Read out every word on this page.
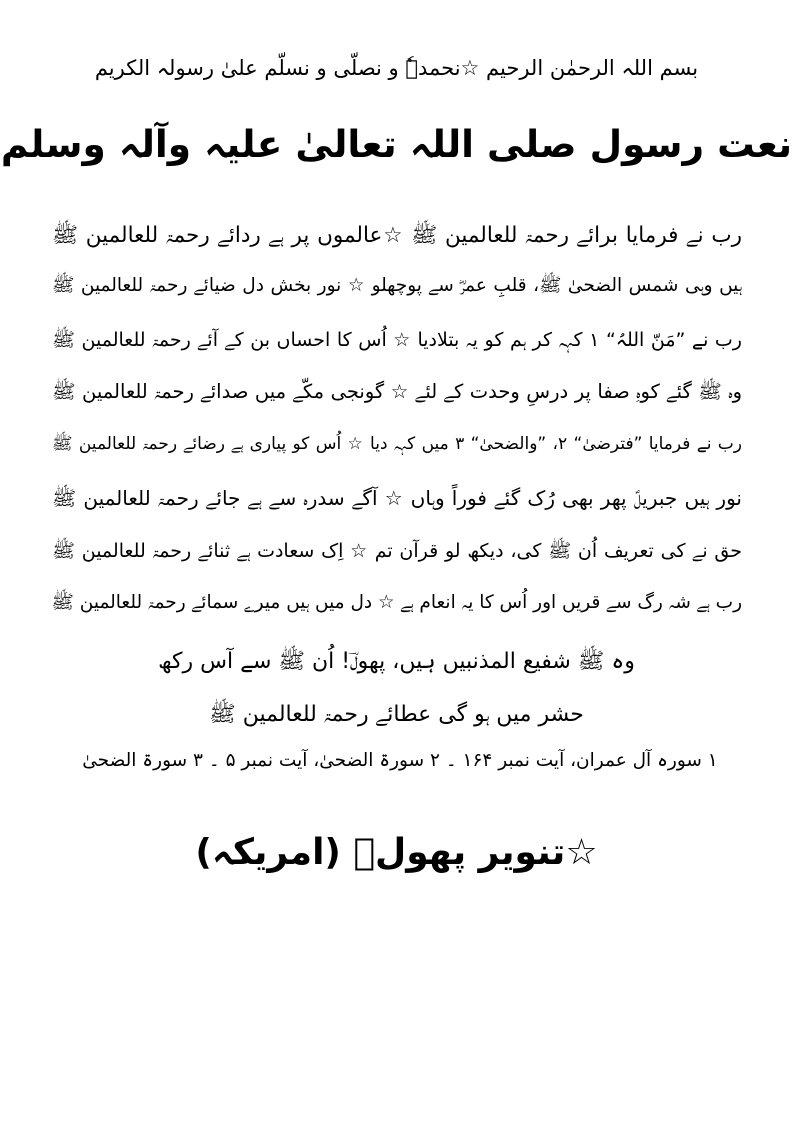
بسم اللہ الرحمٰن الرحیم ☆نحمدہٗ و نصلّی و نسلّم علیٰ رسولہ الکریم
نعت رسول صلی اللہ تعالیٰ علیہ وآلہ وسلم
رب نے فرمایا برائے رحمۃ للعالمین ﷺ ☆عالموں پر ہے ردائے رحمۃ للعالمین ﷺ
ہیں وہی شمس الضحیٰ ﷺ، قلبِ عمرؓ سے پوچھلو ☆ نور بخش دل ضیائے رحمۃ للعالمین ﷺ
رب نے ”مَنّ اللہُ“ ۱ کہہ کر ہم کو یہ بتلادیا ☆ اُس کا احساں بن کے آئے رحمۃ للعالمین ﷺ
وہ ﷺ گئے کوہِ صفا پر درسِ وحدت کے لئے ☆ گونجی مکّے میں صدائے رحمۃ للعالمین ﷺ
رب نے فرمایا ”فترضیٰ“ ۲، ”والضحیٰ“ ۳ میں کہہ دیا ☆ اُس کو پیاری ہے رضائے رحمۃ للعالمین ﷺ
نور ہیں جبریلؑ پھر بھی رُک گئے فوراً وہاں ☆ آگے سدرہ سے ہے جائے رحمۃ للعالمین ﷺ
حق نے کی تعریف اُن ﷺ کی، دیکھ لو قرآن تم ☆ اِک سعادت ہے ثنائے رحمۃ للعالمین ﷺ
رب ہے شہ رگ سے قریں اور اُس کا یہ انعام ہے ☆ دل میں ہیں میرے سمائے رحمۃ للعالمین ﷺ
وہ ﷺ شفیع المذنبیں ہیں، پھولؔ! اُن ﷺ سے آس رکھ
حشر میں ہو گی عطائے رحمۃ للعالمین ﷺ
۱ سورہ آل عمران، آیت نمبر ۱۶۴ ۔ ۲ سورۃ الضحیٰ، آیت نمبر ۵ ۔ ۳ سورۃ الضحیٰ
☆تنویر پھولؔ (امریکہ)
